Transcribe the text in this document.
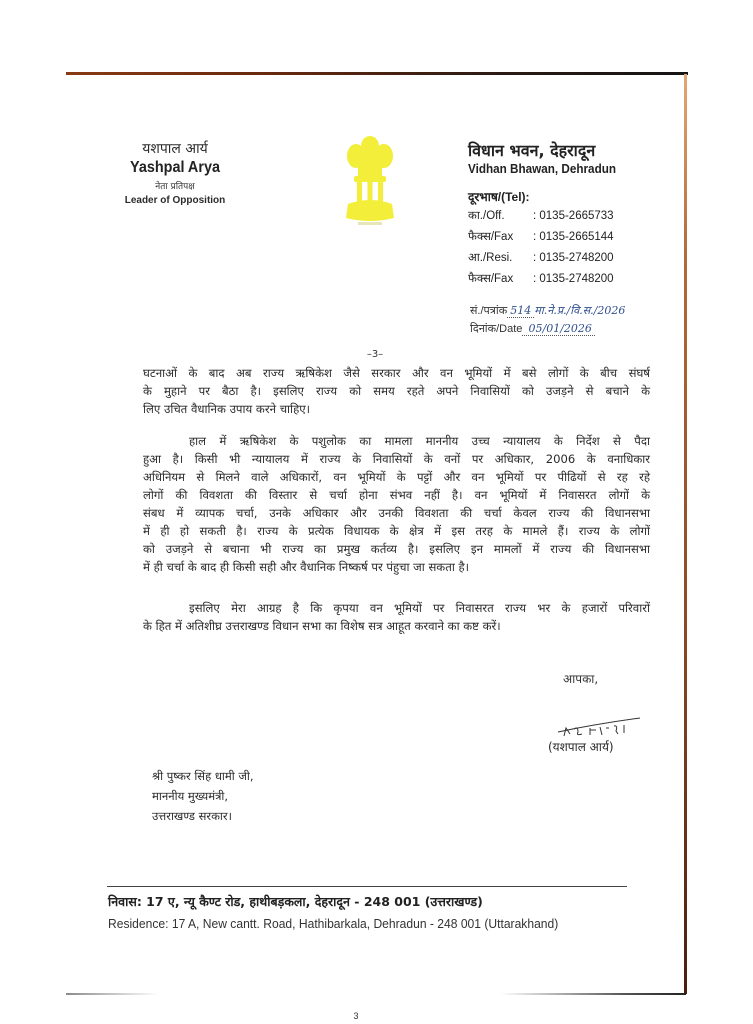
यशपाल आर्य
Yashpal Arya
नेता प्रतिपक्ष
Leader of Opposition
विधान भवन, देहरादून
Vidhan Bhawan, Dehradun
दूरभाष/(Tel):
का./Off.	: 0135-2665733
फैक्स/Fax	: 0135-2665144
आ./Resi.	: 0135-2748200
फैक्स/Fax	: 0135-2748200
सं./पत्रांक 514 मा.ने.प्र./वि.स./2026
दिनांक/Date 05/01/2026
–3–
घटनाओं के बाद अब राज्य ऋषिकेश जैसे सरकार और वन भूमियों में बसे लोगों के बीच संघर्ष
के मुहाने पर बैठा है। इसलिए राज्य को समय रहते अपने निवासियों को उजड़ने से बचाने के
लिए उचित वैधानिक उपाय करने चाहिए।
हाल में ऋषिकेश के पशुलोक का मामला माननीय उच्च न्यायालय के निर्देश से पैदा
हुआ है। किसी भी न्यायालय में राज्य के निवासियों के वनों पर अधिकार, 2006 के वनाधिकार
अधिनियम से मिलने वाले अधिकारों, वन भूमियों के पट्टों और वन भूमियों पर पीढियों से रह रहे
लोगों की विवशता की विस्तार से चर्चा होना संभव नहीं है। वन भूमियों में निवासरत लोगों के
संबध में व्यापक चर्चा, उनके अधिकार और उनकी विवशता की चर्चा केवल राज्य की विधानसभा
में ही हो सकती है। राज्य के प्रत्येक विधायक के क्षेत्र में इस तरह के मामले हैं। राज्य के लोगों
को उजड़ने से बचाना भी राज्य का प्रमुख कर्तव्य है। इसलिए इन मामलों में राज्य की विधानसभा
में ही चर्चा के बाद ही किसी सही और वैधानिक निष्कर्ष पर पंहुचा जा सकता है।
इसलिए मेरा आग्रह है कि कृपया वन भूमियों पर निवासरत राज्य भर के हजारों परिवारों
के हित में अतिशीघ्र उत्तराखण्ड विधान सभा का विशेष सत्र आहूत करवाने का कष्ट करें।
आपका,
(यशपाल आर्य)
श्री पुष्कर सिंह धामी जी,
माननीय मुख्यमंत्री,
उत्तराखण्ड सरकार।
निवास: 17 ए, न्यू कैण्ट रोड, हाथीबड़कला, देहरादून - 248 001 (उत्तराखण्ड)
Residence: 17 A, New cantt. Road, Hathibarkala, Dehradun - 248 001 (Uttarakhand)
3
